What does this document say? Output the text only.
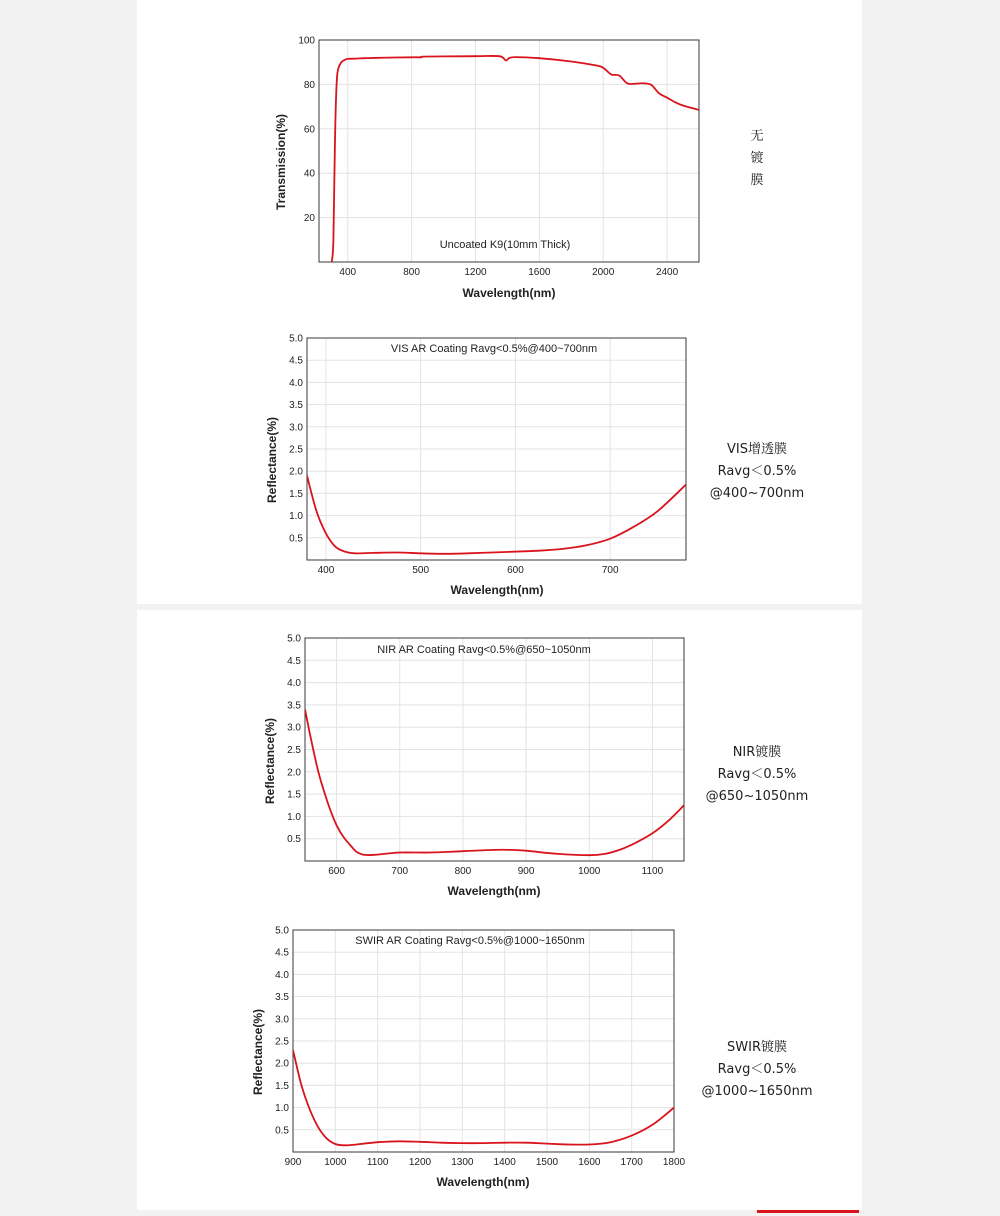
400	800	1200	1600	2000	2400
20
40
60
80
100
Uncoated K9(10mm Thick)
Wavelength(nm)
Transmission(%)
400	500	600	700
0.5
1.0
1.5
2.0
2.5
3.0
3.5
4.0
4.5
5.0
VIS AR Coating Ravg<0.5%@400~700nm
Wavelength(nm)
Reflectance(%)
600	700	800	900	1000	1100
0.5
1.0
1.5
2.0
2.5
3.0
3.5
4.0
4.5
5.0
NIR AR Coating Ravg<0.5%@650~1050nm
Wavelength(nm)
Reflectance(%)
900 1000 1100 1200 1300 1400 1500 1600 1700 1800
0.5
1.0
1.5
2.0
2.5
3.0
3.5
4.0
4.5
5.0
SWIR AR Coating Ravg<0.5%@1000~1650nm
Wavelength(nm)
Reflectance(%)
无
镀
膜
VIS增透膜
Ravg＜0.5%
@400~700nm
NIR镀膜
Ravg＜0.5%
@650~1050nm
SWIR镀膜
Ravg＜0.5%
@1000~1650nm
